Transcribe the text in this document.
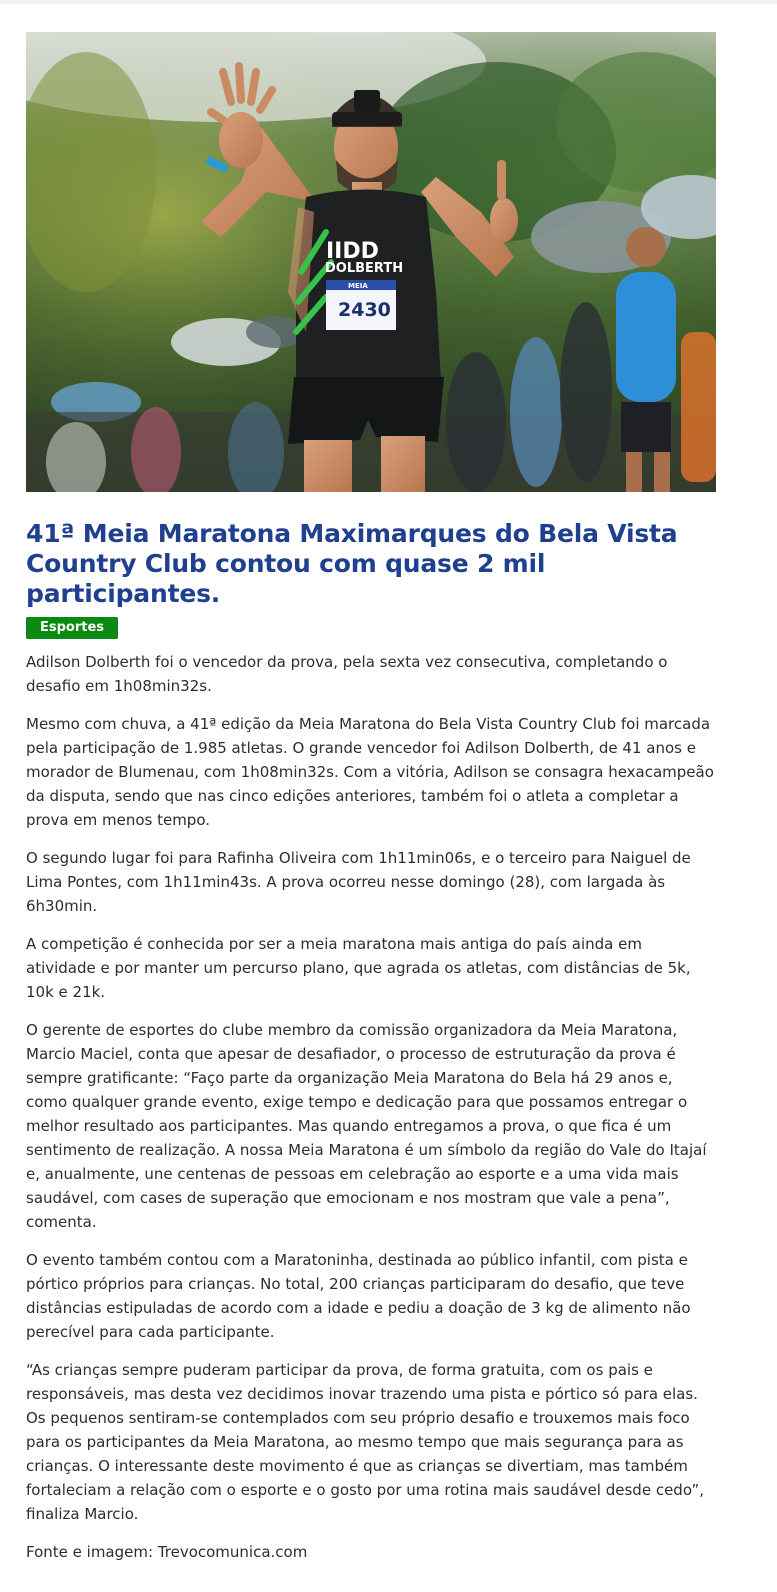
IIDD
DOLBERTH
MEIA
2430
41ª Meia Maratona Maximarques do Bela Vista Country Club contou com quase 2 mil participantes.
Esportes

Adilson Dolberth foi o vencedor da prova, pela sexta vez consecutiva, completando o desafio em 1h08min32s.

Mesmo com chuva, a 41ª edição da Meia Maratona do Bela Vista Country Club foi marcada pela participação de 1.985 atletas. O grande vencedor foi Adilson Dolberth, de 41 anos e morador de Blumenau, com 1h08min32s. Com a vitória, Adilson se consagra hexacampeão da disputa, sendo que nas cinco edições anteriores, também foi o atleta a completar a prova em menos tempo.

O segundo lugar foi para Rafinha Oliveira com 1h11min06s, e o terceiro para Naiguel de Lima Pontes, com 1h11min43s. A prova ocorreu nesse domingo (28), com largada às 6h30min.

A competição é conhecida por ser a meia maratona mais antiga do país ainda em atividade e por manter um percurso plano, que agrada os atletas, com distâncias de 5k, 10k e 21k.

O gerente de esportes do clube membro da comissão organizadora da Meia Maratona, Marcio Maciel, conta que apesar de desafiador, o processo de estruturação da prova é sempre gratificante: “Faço parte da organização Meia Maratona do Bela há 29 anos e, como qualquer grande evento, exige tempo e dedicação para que possamos entregar o melhor resultado aos participantes. Mas quando entregamos a prova, o que fica é um sentimento de realização. A nossa Meia Maratona é um símbolo da região do Vale do Itajaí e, anualmente, une centenas de pessoas em celebração ao esporte e a uma vida mais saudável, com cases de superação que emocionam e nos mostram que vale a pena”, comenta.

O evento também contou com a Maratoninha, destinada ao público infantil, com pista e pórtico próprios para crianças. No total, 200 crianças participaram do desafio, que teve distâncias estipuladas de acordo com a idade e pediu a doação de 3 kg de alimento não perecível para cada participante.

“As crianças sempre puderam participar da prova, de forma gratuita, com os pais e responsáveis, mas desta vez decidimos inovar trazendo uma pista e pórtico só para elas. Os pequenos sentiram-se contemplados com seu próprio desafio e trouxemos mais foco para os participantes da Meia Maratona, ao mesmo tempo que mais segurança para as crianças. O interessante deste movimento é que as crianças se divertiam, mas também fortaleciam a relação com o esporte e o gosto por uma rotina mais saudável desde cedo”, finaliza Marcio.

Fonte e imagem: Trevocomunica.com
